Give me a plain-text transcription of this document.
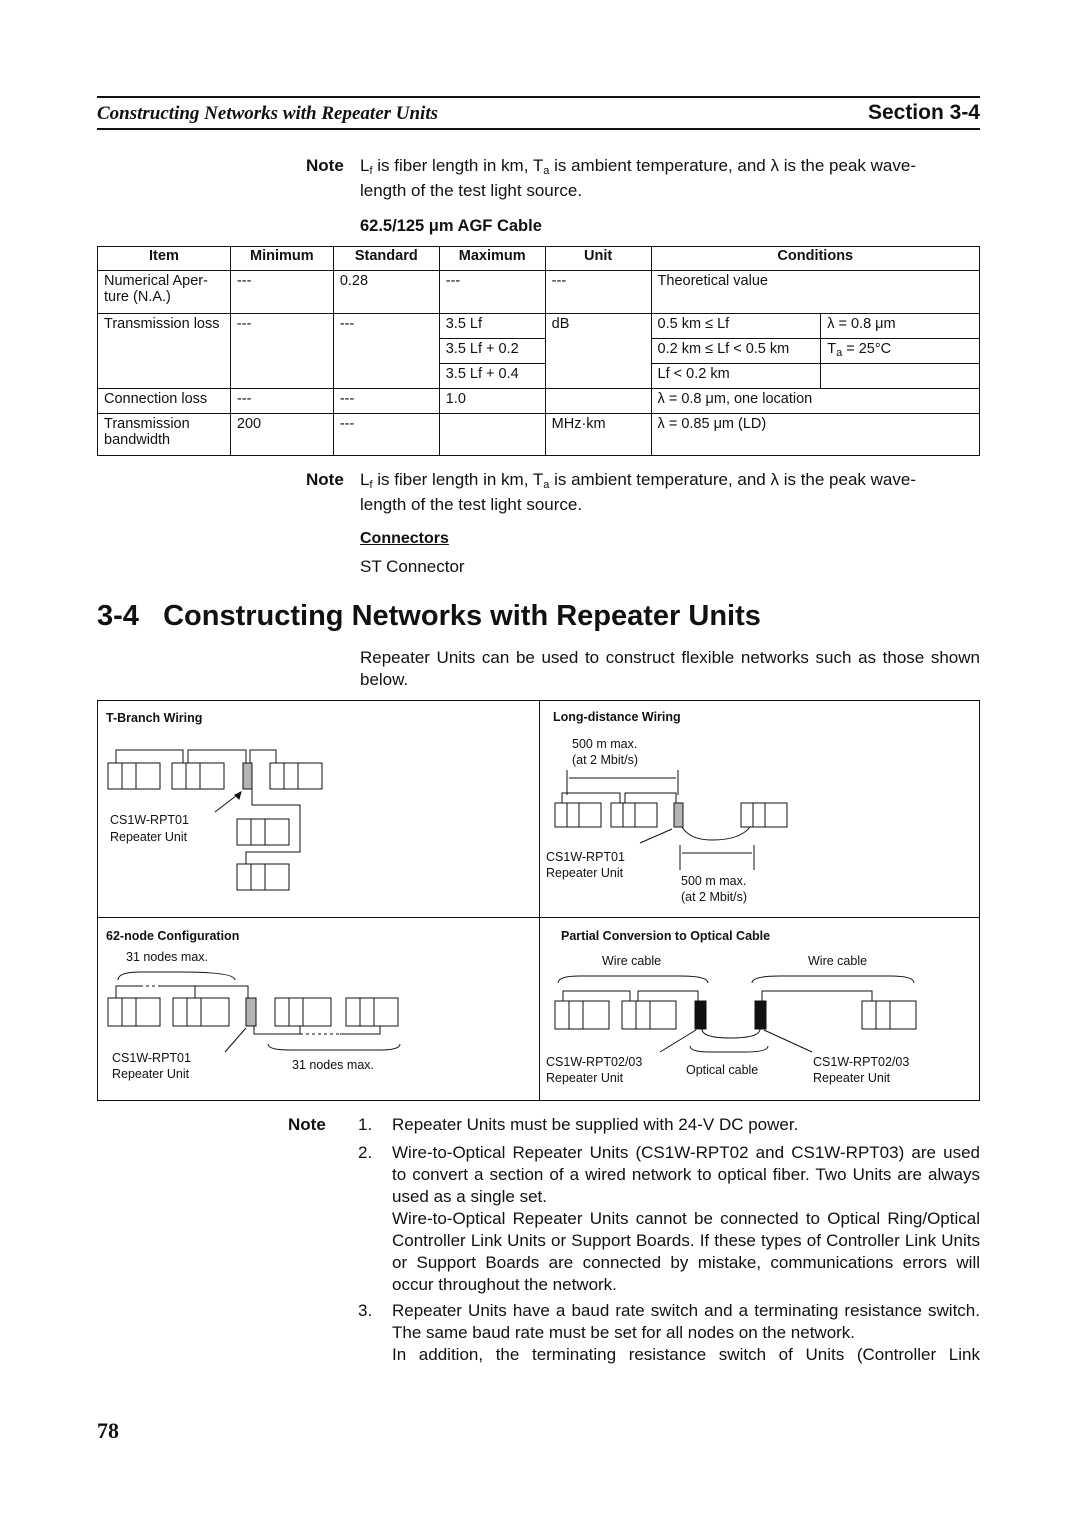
Constructing Networks with Repeater Units	Section 3-4
Note $L_f$ is fiber length in km, $T_a$ is ambient temperature, and λ is the peak wave-
length of the test light source.
62.5/125 μm AGF Cable
Item	Minimum	Standard	Maximum	Unit	Conditions	
Numerical Aper- ture (N.A.)	---	0.28	---	---	Theoretical value	
Transmission loss	---	---	3.5 Lf	dB	0.5 km ≤ Lf	λ = 0.8 μm
			3.5 Lf + 0.2		0.2 km ≤ Lf < 0.5 km	$T_a = 25^\circ C$
			3.5 Lf + 0.4		Lf < 0.2 km	
Connection loss	---	---	1.0		λ = 0.8 μm, one location	
Transmission bandwidth	200	---		MHz·km	λ = 0.85 μm (LD)	
Note $L_f$ is fiber length in km, $T_a$ is ambient temperature, and λ is the peak wave-
length of the test light source.
Connectors
ST Connector
3-4   Constructing Networks with Repeater Units
Repeater Units can be used to construct flexible networks such as those shown below.
T-Branch Wiring
CS1W-RPT01
Repeater Unit
Long-distance Wiring
500 m max.
(at 2 Mbit/s)
CS1W-RPT01
Repeater Unit
500 m max.
(at 2 Mbit/s)
62-node Configuration
31 nodes max.
CS1W-RPT01
Repeater Unit
31 nodes max.
Partial Conversion to Optical Cable
Wire cable	Wire cable
CS1W-RPT02/03
Repeater Unit
Optical cable
CS1W-RPT02/03
Repeater Unit
Note 1. Repeater Units must be supplied with 24-V DC power.
2. Wire-to-Optical Repeater Units (CS1W-RPT02 and CS1W-RPT03) are used to convert a section of a wired network to optical fiber. Two Units are always used as a single set.
Wire-to-Optical Repeater Units cannot be connected to Optical Ring/Optical Controller Link Units or Support Boards. If these types of Controller Link Units or Support Boards are connected by mistake, communications errors will occur throughout the network.
3. Repeater Units have a baud rate switch and a terminating resistance switch. The same baud rate must be set for all nodes on the network.
In addition, the terminating resistance switch of Units (Controller Link
78
